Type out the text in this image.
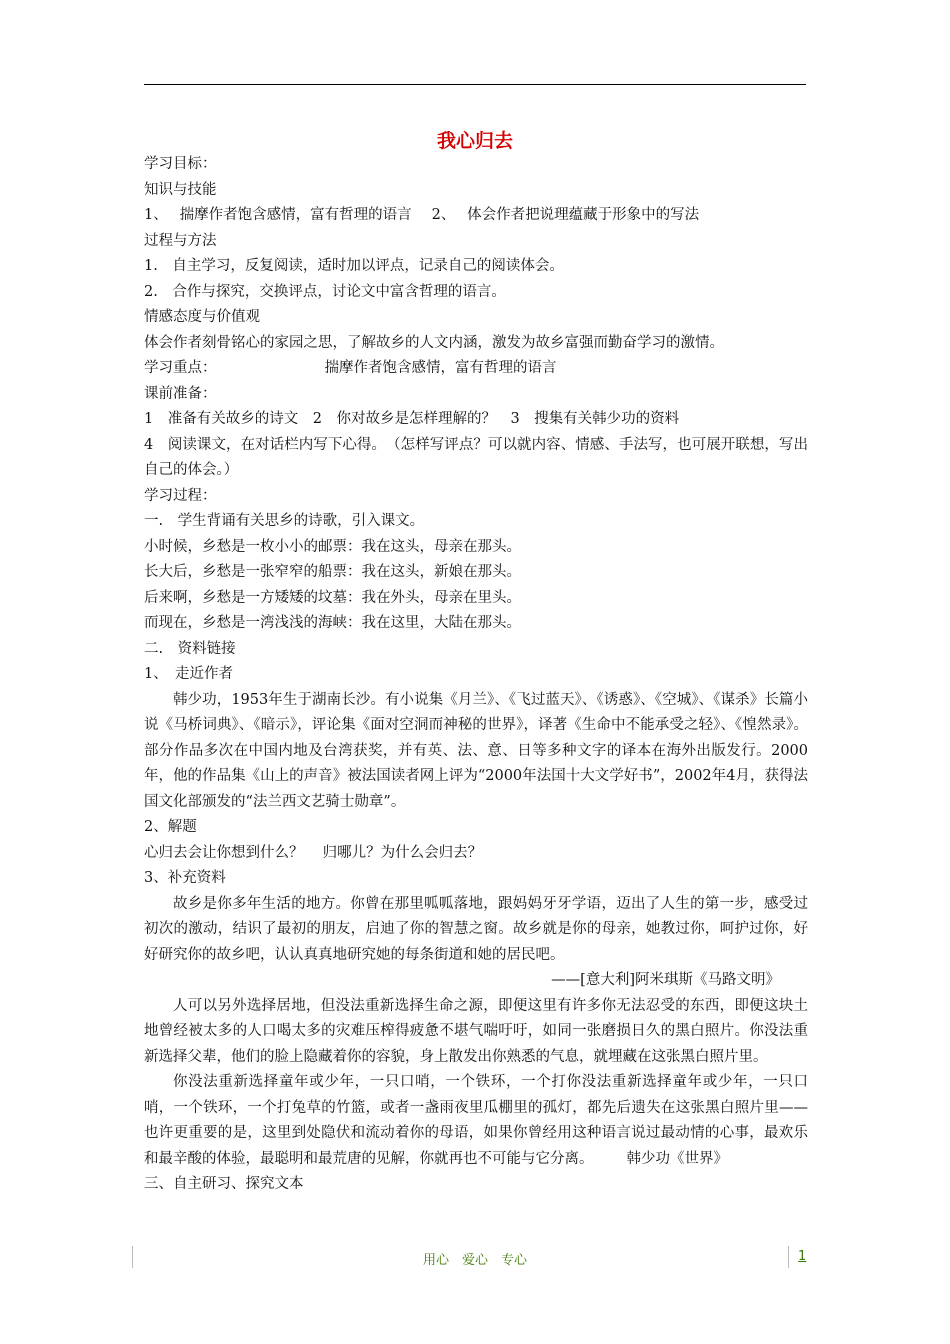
我心归去
学习目标：
知识与技能
1、　 揣摩作者饱含感情，富有哲理的语言 2、　 体会作者把说理蕴藏于形象中的写法
过程与方法
1.　自主学习，反复阅读，适时加以评点，记录自己的阅读体会。
2.　合作与探究，交换评点，讨论文中富含哲理的语言。
情感态度与价值观
体会作者刻骨铭心的家园之思，了解故乡的人文内涵，激发为故乡富强而勤奋学习的激情。
学习重点：	揣摩作者饱含感情，富有哲理的语言
课前准备：
1　准备有关故乡的诗文　2　你对故乡是怎样理解的？　3　搜集有关韩少功的资料
4　阅读课文，在对话栏内写下心得。　（怎样写评点？可以就内容、情感、手法写，也可展开联想，写出自己的体会。）
学习过程：
一.　学生背诵有关思乡的诗歌，引入课文。
小时候，乡愁是一枚小小的邮票：我在这头，母亲在那头。
长大后，乡愁是一张窄窄的船票：我在这头，新娘在那头。
后来啊，乡愁是一方矮矮的坟墓：我在外头，母亲在里头。
而现在，乡愁是一湾浅浅的海峡：我在这里，大陆在那头。
二.　资料链接
1、　走近作者
韩少功，1953年生于湖南长沙。有小说集《月兰》、《飞过蓝天》、《诱惑》、《空城》、《谋杀》长篇小说《马桥词典》、《暗示》，评论集《面对空洞而神秘的世界》，译著《生命中不能承受之轻》、《惶然录》。部分作品多次在中国内地及台湾获奖，并有英、法、意、日等多种文字的译本在海外出版发行。2000年，他的作品集《山上的声音》被法国读者网上评为“2000年法国十大文学好书”，2002年4月，获得法国文化部颁发的“法兰西文艺骑士勋章”。
2、解题
心归去会让你想到什么？　 归哪儿？为什么会归去？
3、补充资料
故乡是你多年生活的地方。你曾在那里呱呱落地，跟妈妈牙牙学语，迈出了人生的第一步，感受过初次的激动，结识了最初的朋友，启迪了你的智慧之窗。故乡就是你的母亲，她教过你，呵护过你，好好研究你的故乡吧，认认真真地研究她的每条街道和她的居民吧。
——[意大利]阿米琪斯《马路文明》
人可以另外选择居地，但没法重新选择生命之源，即便这里有许多你无法忍受的东西，即便这块土地曾经被太多的人口喝太多的灾难压榨得疲惫不堪气喘吁吁，如同一张磨损日久的黑白照片。你没法重新选择父辈，他们的脸上隐藏着你的容貌，身上散发出你熟悉的气息，就埋藏在这张黑白照片里。
你没法重新选择童年或少年，一只口哨，一个铁环，一个打你没法重新选择童年或少年，一只口哨，一个铁环，一个打兔草的竹篮，或者一盏雨夜里瓜棚里的孤灯，都先后遗失在这张黑白照片里——也许更重要的是，这里到处隐伏和流动着你的母语，如果你曾经用这种语言说过最动情的心事，最欢乐和最辛酸的体验，最聪明和最荒唐的见解，你就再也不可能与它分离。	韩少功《世界》
三、自主研习、探究文本
用心　爱心　专心	1
